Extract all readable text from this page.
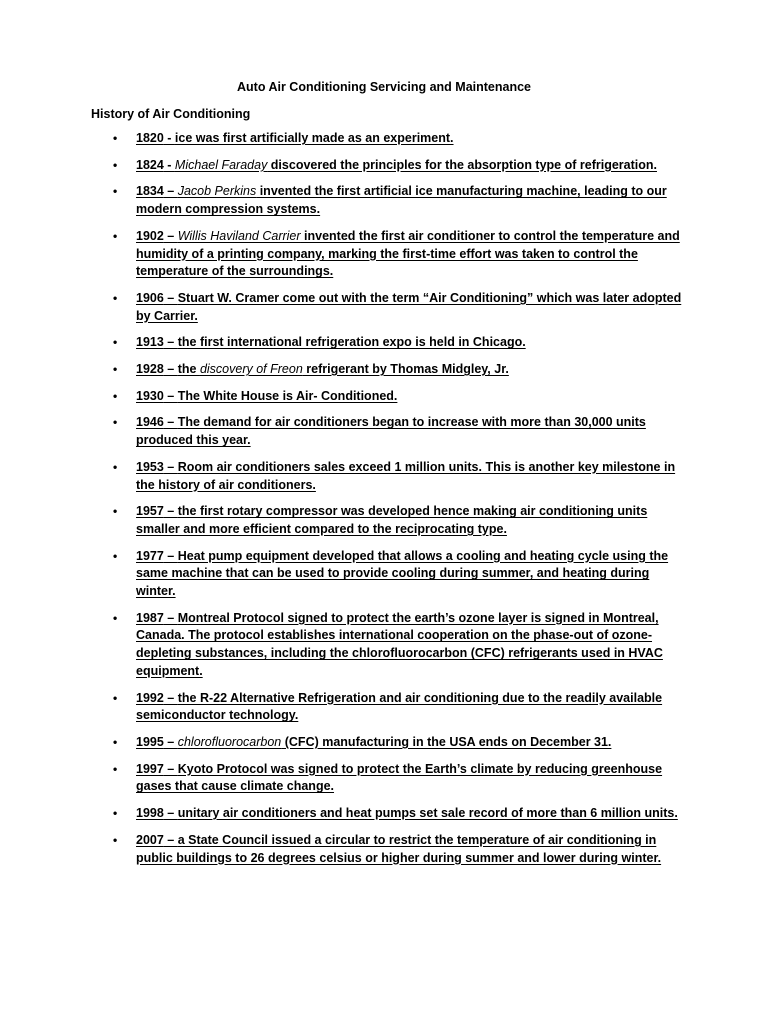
Auto Air Conditioning Servicing and Maintenance
History of Air Conditioning
• 1820 - ice was first artificially made as an experiment.
• 1824 - Michael Faraday discovered the principles for the absorption type of refrigeration.
• 1834 – Jacob Perkins invented the first artificial ice manufacturing machine, leading to our modern compression systems.
• 1902 – Willis Haviland Carrier invented the first air conditioner to control the temperature and humidity of a printing company, marking the first-time effort was taken to control the temperature of the surroundings.
• 1906 – Stuart W. Cramer come out with the term “Air Conditioning” which was later adopted by Carrier.
• 1913 – the first international refrigeration expo is held in Chicago.
• 1928 – the discovery of Freon refrigerant by Thomas Midgley, Jr.
• 1930 – The White House is Air- Conditioned.
• 1946 – The demand for air conditioners began to increase with more than 30,000 units produced this year.
• 1953 – Room air conditioners sales exceed 1 million units. This is another key milestone in the history of air conditioners.
• 1957 – the first rotary compressor was developed hence making air conditioning units smaller and more efficient compared to the reciprocating type.
• 1977 – Heat pump equipment developed that allows a cooling and heating cycle using the same machine that can be used to provide cooling during summer, and heating during winter.
• 1987 – Montreal Protocol signed to protect the earth’s ozone layer is signed in Montreal, Canada. The protocol establishes international cooperation on the phase-out of ozone-depleting substances, including the chlorofluorocarbon (CFC) refrigerants used in HVAC equipment.
• 1992 – the R-22 Alternative Refrigeration and air conditioning due to the readily available semiconductor technology.
• 1995 – chlorofluorocarbon (CFC) manufacturing in the USA ends on December 31.
• 1997 – Kyoto Protocol was signed to protect the Earth’s climate by reducing greenhouse gases that cause climate change.
• 1998 – unitary air conditioners and heat pumps set sale record of more than 6 million units.
• 2007 – a State Council issued a circular to restrict the temperature of air conditioning in public buildings to 26 degrees celsius or higher during summer and lower during winter.
